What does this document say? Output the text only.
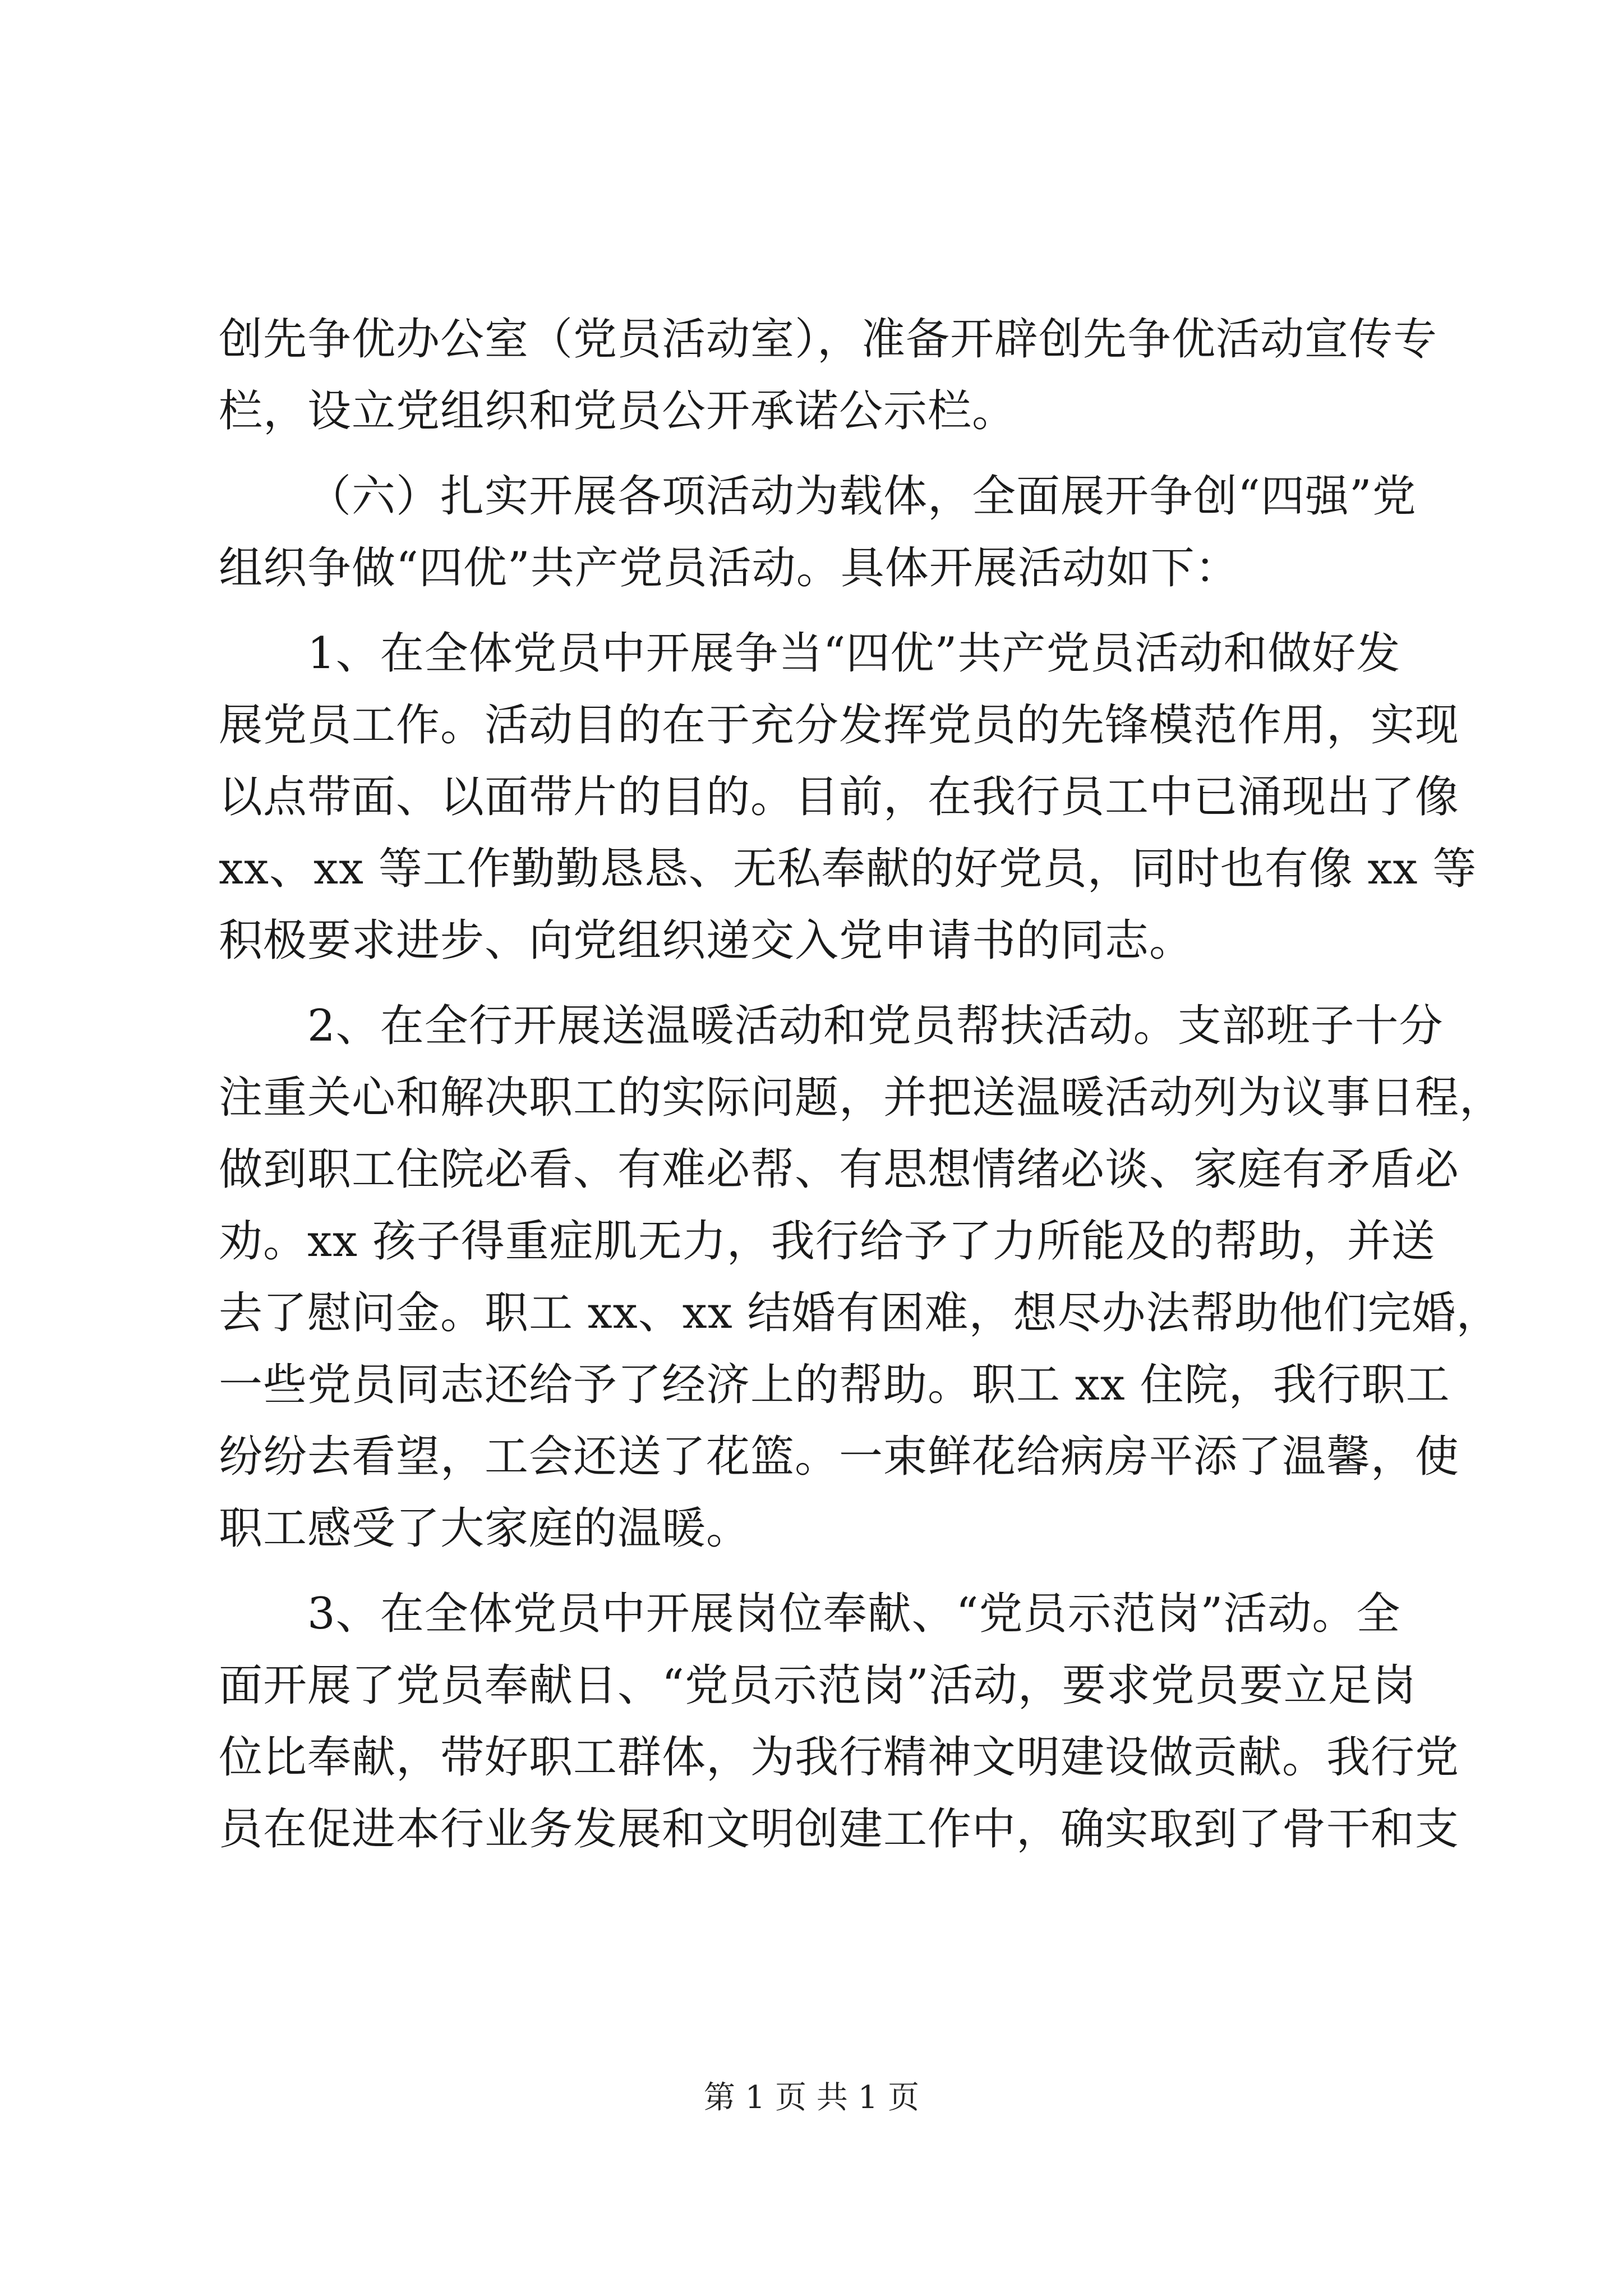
创先争优办公室（党员活动室），准备开辟创先争优活动宣传专
栏，设立党组织和党员公开承诺公示栏。
（六）扎实开展各项活动为载体，全面展开争创“四强”党
组织争做“四优”共产党员活动。具体开展活动如下：
1、在全体党员中开展争当“四优”共产党员活动和做好发
展党员工作。活动目的在于充分发挥党员的先锋模范作用，实现
以点带面、以面带片的目的。目前，在我行员工中已涌现出了像
xx、xx 等工作勤勤恳恳、无私奉献的好党员，同时也有像 xx 等
积极要求进步、向党组织递交入党申请书的同志。
2、在全行开展送温暖活动和党员帮扶活动。支部班子十分
注重关心和解决职工的实际问题，并把送温暖活动列为议事日程，
做到职工住院必看、有难必帮、有思想情绪必谈、家庭有矛盾必
劝。xx 孩子得重症肌无力，我行给予了力所能及的帮助，并送
去了慰问金。职工 xx、xx 结婚有困难，想尽办法帮助他们完婚，
一些党员同志还给予了经济上的帮助。职工 xx 住院，我行职工
纷纷去看望，工会还送了花篮。一束鲜花给病房平添了温馨，使
职工感受了大家庭的温暖。
3、在全体党员中开展岗位奉献、“党员示范岗”活动。全
面开展了党员奉献日、“党员示范岗”活动，要求党员要立足岗
位比奉献，带好职工群体，为我行精神文明建设做贡献。我行党
员在促进本行业务发展和文明创建工作中，确实取到了骨干和支
第 1 页 共 1 页
